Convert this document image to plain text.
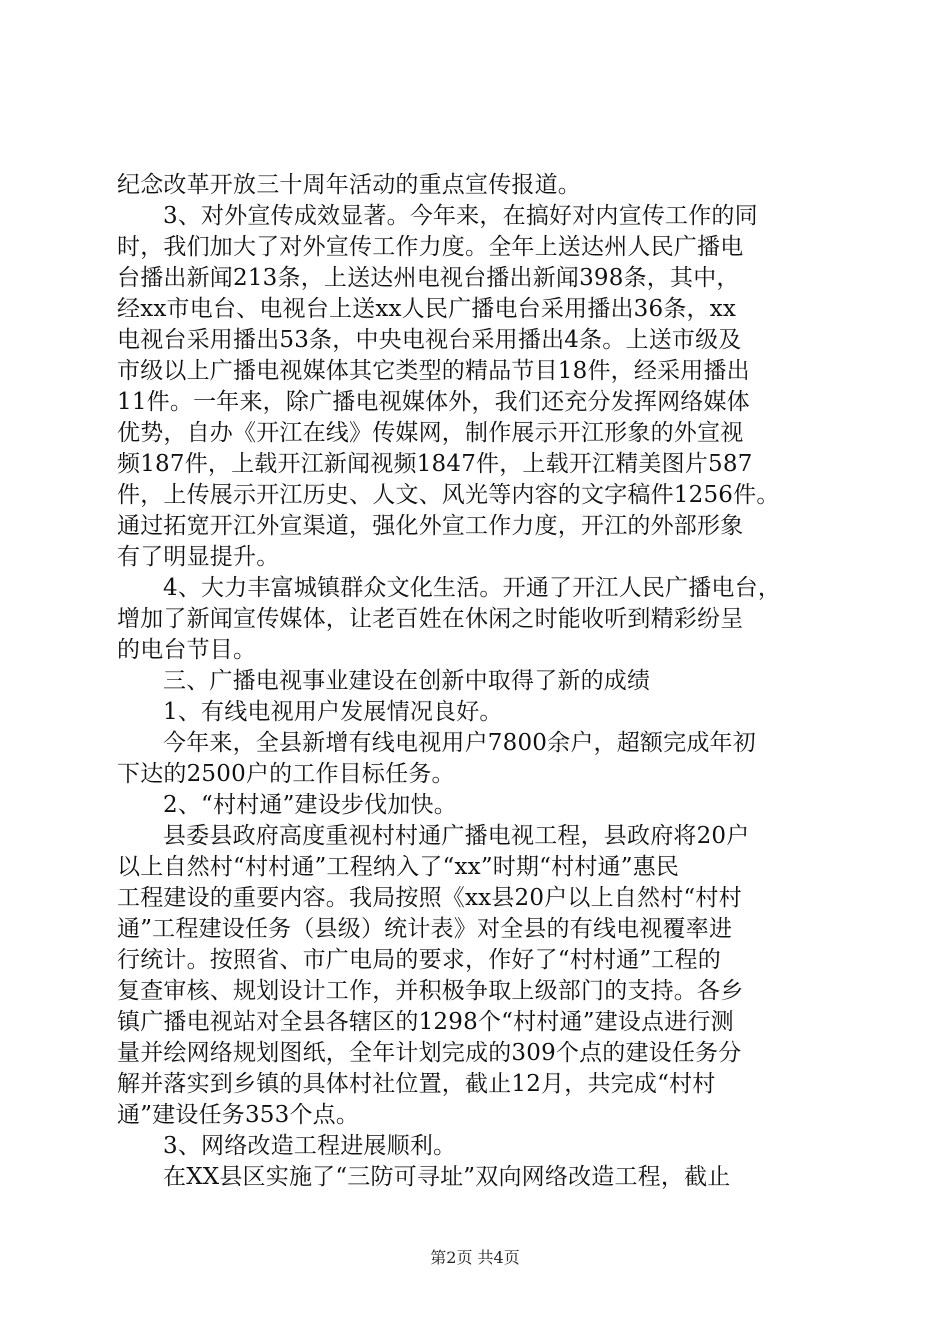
纪念改革开放三十周年活动的重点宣传报道。
3、对外宣传成效显著。今年来，在搞好对内宣传工作的同
时，我们加大了对外宣传工作力度。全年上送达州人民广播电
台播出新闻213条，上送达州电视台播出新闻398条，其中，
经xx市电台、电视台上送xx人民广播电台采用播出36条，xx
电视台采用播出53条，中央电视台采用播出4条。上送市级及
市级以上广播电视媒体其它类型的精品节目18件，经采用播出
11件。一年来，除广播电视媒体外，我们还充分发挥网络媒体
优势，自办《开江在线》传媒网，制作展示开江形象的外宣视
频187件，上载开江新闻视频1847件，上载开江精美图片587
件，上传展示开江历史、人文、风光等内容的文字稿件1256件。
通过拓宽开江外宣渠道，强化外宣工作力度，开江的外部形象
有了明显提升。
4、大力丰富城镇群众文化生活。开通了开江人民广播电台，
增加了新闻宣传媒体，让老百姓在休闲之时能收听到精彩纷呈
的电台节目。
三、广播电视事业建设在创新中取得了新的成绩
1、有线电视用户发展情况良好。
今年来，全县新增有线电视用户7800余户，超额完成年初
下达的2500户的工作目标任务。
2、“村村通”建设步伐加快。
县委县政府高度重视村村通广播电视工程，县政府将20户
以上自然村“村村通”工程纳入了“xx”时期“村村通”惠民
工程建设的重要内容。我局按照《xx县20户以上自然村“村村
通”工程建设任务（县级）统计表》对全县的有线电视覆率进
行统计。按照省、市广电局的要求，作好了“村村通”工程的
复查审核、规划设计工作，并积极争取上级部门的支持。各乡
镇广播电视站对全县各辖区的1298个“村村通”建设点进行测
量并绘网络规划图纸，全年计划完成的309个点的建设任务分
解并落实到乡镇的具体村社位置，截止12月，共完成“村村
通”建设任务353个点。
3、网络改造工程进展顺利。
在XX县区实施了“三防可寻址”双向网络改造工程，截止
第2页 共4页
